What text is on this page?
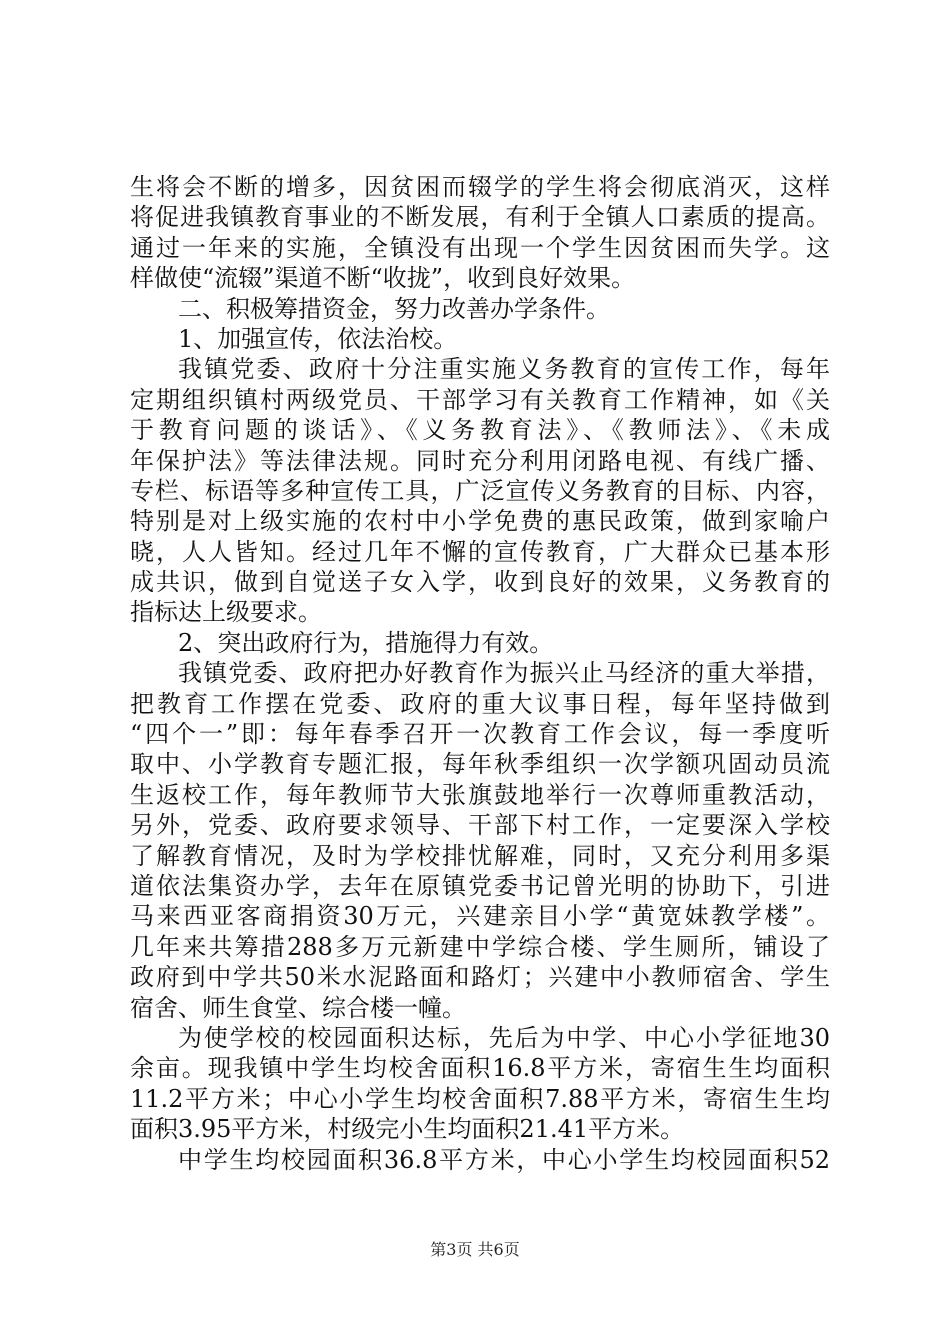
生将会不断的增多，因贫困而辍学的学生将会彻底消灭，这样
将促进我镇教育事业的不断发展，有利于全镇人口素质的提高。
通过一年来的实施，全镇没有出现一个学生因贫困而失学。这
样做使“流辍”渠道不断“收拢”，收到良好效果。
二、积极筹措资金，努力改善办学条件。
1、加强宣传，依法治校。
我镇党委、政府十分注重实施义务教育的宣传工作，每年
定期组织镇村两级党员、干部学习有关教育工作精神，如《关
于教育问题的谈话》、《义务教育法》、《教师法》、《未成
年保护法》等法律法规。同时充分利用闭路电视、有线广播、
专栏、标语等多种宣传工具，广泛宣传义务教育的目标、内容，
特别是对上级实施的农村中小学免费的惠民政策，做到家喻户
晓，人人皆知。经过几年不懈的宣传教育，广大群众已基本形
成共识，做到自觉送子女入学，收到良好的效果，义务教育的
指标达上级要求。
2、突出政府行为，措施得力有效。
我镇党委、政府把办好教育作为振兴止马经济的重大举措，
把教育工作摆在党委、政府的重大议事日程，每年坚持做到
“四个一”即：每年春季召开一次教育工作会议，每一季度听
取中、小学教育专题汇报，每年秋季组织一次学额巩固动员流
生返校工作，每年教师节大张旗鼓地举行一次尊师重教活动，
另外，党委、政府要求领导、干部下村工作，一定要深入学校
了解教育情况，及时为学校排忧解难，同时，又充分利用多渠
道依法集资办学，去年在原镇党委书记曾光明的协助下，引进
马来西亚客商捐资30万元，兴建亲目小学“黄宽妹教学楼”。
几年来共筹措288多万元新建中学综合楼、学生厕所，铺设了
政府到中学共50米水泥路面和路灯；兴建中小教师宿舍、学生
宿舍、师生食堂、综合楼一幢。
为使学校的校园面积达标，先后为中学、中心小学征地30
余亩。现我镇中学生均校舍面积16.8平方米，寄宿生生均面积
11.2平方米；中心小学生均校舍面积7.88平方米，寄宿生生均
面积3.95平方米，村级完小生均面积21.41平方米。
中学生均校园面积36.8平方米，中心小学生均校园面积52
第3页 共6页
